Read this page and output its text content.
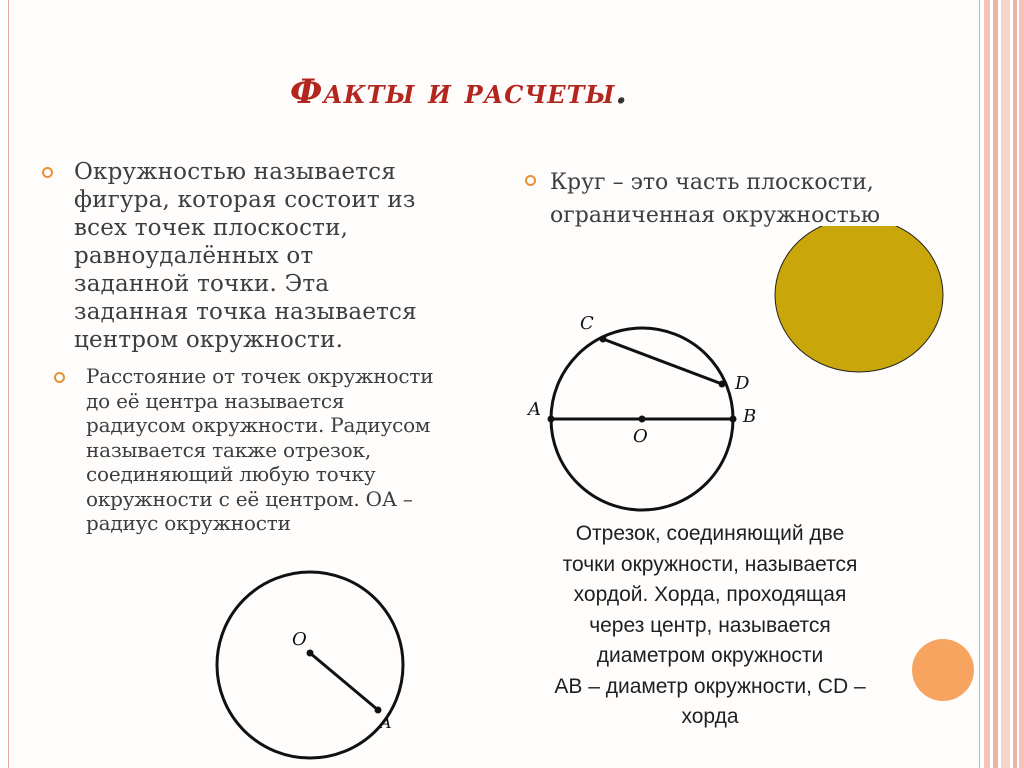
Факты и расчеты.
Окружностью называется
фигура, которая состоит из
всех точек плоскости,
равноудалённых от
заданной точки. Эта
заданная точка называется
центром окружности.
Расстояние от точек окружности
до её центра называется
радиусом окружности. Радиусом
называется также отрезок,
соединяющий любую точку
окружности с её центром. ОА –
радиус окружности
Круг – это часть плоскости,
ограниченная окружностью
C
D
A	B
O
O
A
Отрезок, соединяющий две
точки окружности, называется
хордой. Хорда, проходящая
через центр, называется
диаметром окружности
АВ – диаметр окружности, CD –
хорда
